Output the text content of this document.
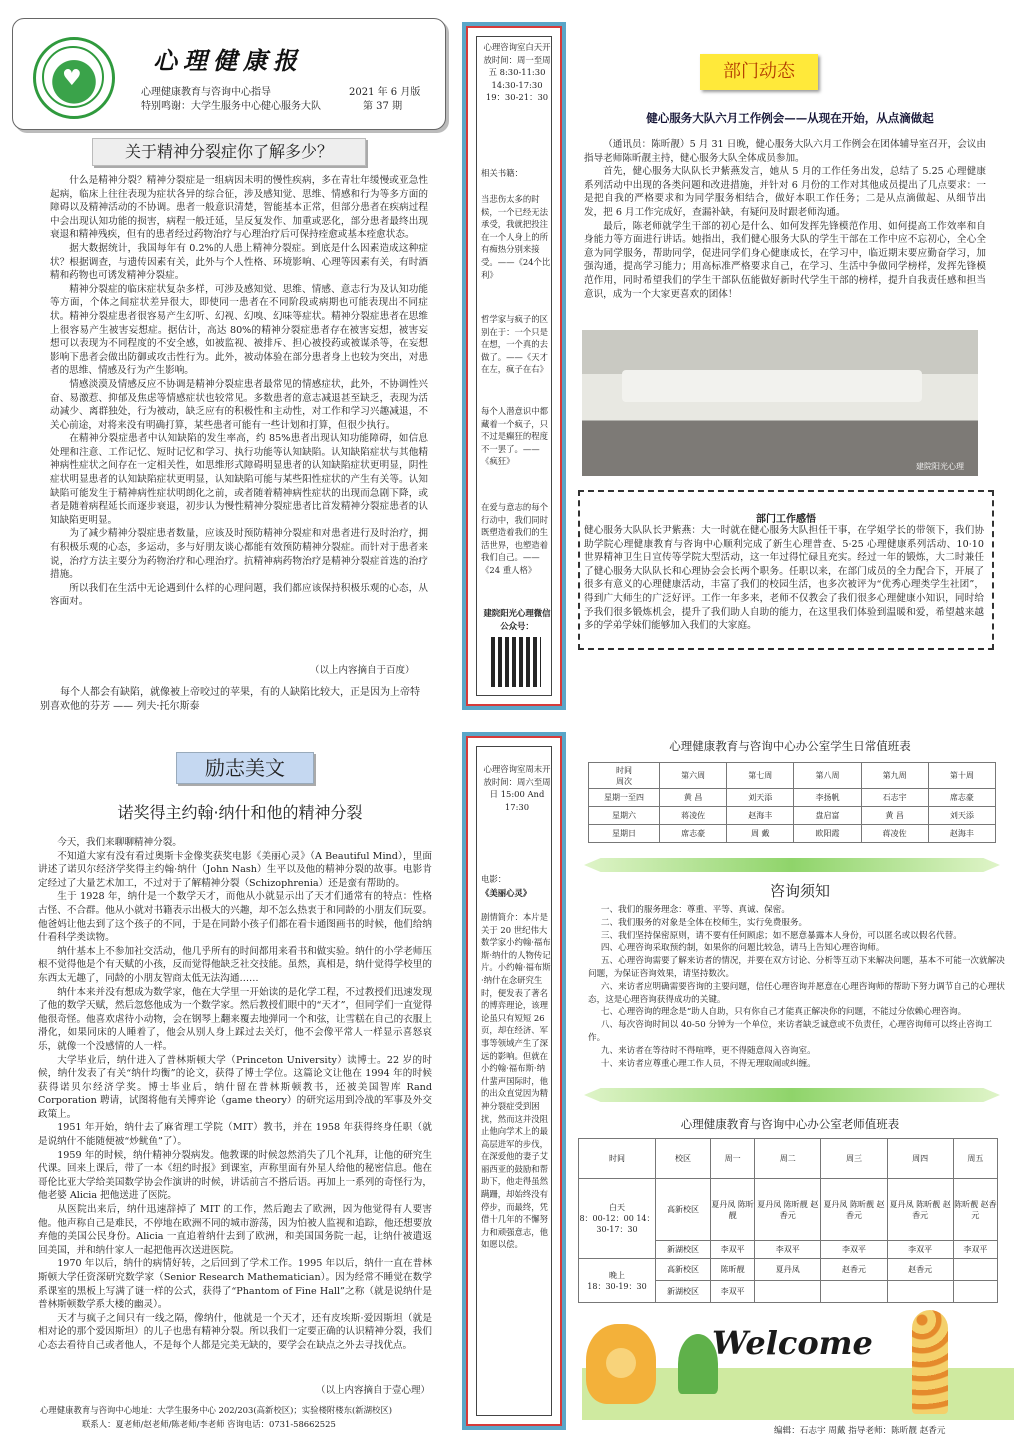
♥
心理健康报
心理健康教育与咨询中心指导	2021 年 6 月版
特别鸣谢：大学生服务中心健心服务大队	第 37 期
关于精神分裂症你了解多少？

什么是精神分裂？精神分裂症是一组病因未明的慢性疾病，多在青壮年缓慢或亚急性起病，临床上往往表现为症状各异的综合征，涉及感知觉、思维、情感和行为等多方面的障碍以及精神活动的不协调。患者一般意识清楚，智能基本正常，但部分患者在疾病过程中会出现认知功能的损害，病程一般迁延，呈反复发作、加重或恶化，部分患者最终出现衰退和精神残疾，但有的患者经过药物治疗与心理治疗后可保持痊愈或基本痊愈状态。

据大数据统计，我国每年有 0.2%的人患上精神分裂症。到底是什么因素造成这种症状？根据调查，与遗传因素有关，此外与个人性格、环境影响、心理等因素有关，有时酒精和药物也可诱发精神分裂症。

精神分裂症的临床症状复杂多样，可涉及感知觉、思维、情感、意志行为及认知功能等方面，个体之间症状差异很大，即使同一患者在不同阶段或病期也可能表现出不同症状。精神分裂症患者很容易产生幻听、幻视、幻嗅、幻味等症状。精神分裂症患者在思维上很容易产生被害妄想症。据估计，高达 80%的精神分裂症患者存在被害妄想，被害妄想可以表现为不同程度的不安全感，如被监视、被排斥、担心被投药或被谋杀等，在妄想影响下患者会做出防御或攻击性行为。此外，被动体验在部分患者身上也较为突出，对患者的思维、情感及行为产生影响。

情感淡漠及情感反应不协调是精神分裂症患者最常见的情感症状，此外，不协调性兴奋、易激惹、抑郁及焦虑等情感症状也较常见。多数患者的意志减退甚至缺乏，表现为活动减少、离群独处，行为被动，缺乏应有的积极性和主动性，对工作和学习兴趣减退，不关心前途，对将来没有明确打算，某些患者可能有一些计划和打算，但很少执行。

在精神分裂症患者中认知缺陷的发生率高，约 85%患者出现认知功能障碍，如信息处理和注意、工作记忆、短时记忆和学习、执行功能等认知缺陷。认知缺陷症状与其他精神病性症状之间存在一定相关性，如思维形式障碍明显患者的认知缺陷症状更明显，阴性症状明显患者的认知缺陷症状更明显，认知缺陷可能与某些阳性症状的产生有关等。认知缺陷可能发生于精神病性症状明朗化之前，或者随着精神病性症状的出现而急剧下降，或者是随着病程延长而逐步衰退，初步认为慢性精神分裂症患者比首发精神分裂症患者的认知缺陷更明显。

为了减少精神分裂症患者数量，应该及时预防精神分裂症和对患者进行及时治疗，拥有积极乐观的心态，多运动，多与好朋友谈心都能有效预防精神分裂症。而针对于患者来说，治疗方法主要分为药物治疗和心理治疗。抗精神病药物治疗是精神分裂症首选的治疗措施。

所以我们在生活中无论遇到什么样的心理问题，我们都应该保持积极乐观的心态，从容面对。

（以上内容摘自于百度）
每个人都会有缺陷，就像被上帝咬过的苹果，有的人缺陷比较大，正是因为上帝特别喜欢他的芬芳 —— 列夫·托尔斯泰
心理咨询室白天开放时间：周一至周五 8:30-11:30 14:30-17:30 19：30-21：30
相关书籍：
当悲伤太多的时候，一个已经无法承受，我就把投注在一个人身上的所有痴热分别来接受。——《24个比利》
哲学家与疯子的区别在于：一个只是在想，一个真的去做了。——《天才在左，疯子在右》
每个人潜意识中都藏着一个疯子，只不过是癫狂的程度不一罢了。——《疯狂》
在爱与意志的每个行动中，我们同时既塑造着我们的生活世界，也塑造着我们自己。——《24 重人格》
建院阳光心理微信公众号：
部门动态
健心服务大队六月工作例会——从现在开始，从点滴做起

（通讯员：陈昕靓）5 月 31 日晚，健心服务大队六月工作例会在团体辅导室召开，会议由指导老师陈昕靓主持，健心服务大队全体成员参加。

首先，健心服务大队队长尹紫燕发言，她从 5 月的工作任务出发，总结了 5.25 心理健康系列活动中出现的各类问题和改进措施，并针对 6 月份的工作对其他成员提出了几点要求：一是把自我的严格要求和为同学服务相结合，做好本职工作任务；二是从点滴做起、从细节出发，把 6 月工作完成好，查漏补缺，有疑问及时跟老师沟通。

最后，陈老师就学生干部的初心是什么、如何发挥先锋模范作用、如何提高工作效率和自身能力等方面进行讲话。她指出，我们健心服务大队的学生干部在工作中应不忘初心，全心全意为同学服务，帮助同学，促进同学们身心健康成长，在学习中，临近期末要应勤奋学习，加强沟通，提高学习能力；用高标准严格要求自己，在学习、生活中争做同学榜样，发挥先锋模范作用，同时希望我们的学生干部队伍能做好新时代学生干部的榜样，提升自我责任感和担当意识，成为一个大家更喜欢的团体！

建院阳光心理
部门工作感悟

健心服务大队队长尹紫燕：大一时就在健心服务大队担任干事，在学姐学长的带领下，我们协助学院心理健康教育与咨询中心顺利完成了新生心理普查、5·25 心理健康系列活动、10·10 世界精神卫生日宣传等学院大型活动，这一年过得忙碌且充实。经过一年的锻炼，大二时兼任了健心服务大队队长和心理协会会长两个职务。任职以来，在部门成员的全力配合下，开展了很多有意义的心理健康活动，丰富了我们的校园生活，也多次被评为“优秀心理类学生社团”，得到广大师生的广泛好评。工作一年多来，老师不仅教会了我们很多心理健康小知识，同时给予我们很多锻炼机会，提升了我们助人自助的能力，在这里我们体验到温暖和爱，希望越来越多的学弟学妹们能够加入我们的大家庭。

励志美文
诺奖得主约翰·纳什和他的精神分裂

今天，我们来聊聊精神分裂。

不知道大家有没有看过奥斯卡金像奖获奖电影《美丽心灵》（A Beautiful Mind），里面讲述了诺贝尔经济学奖得主约翰·纳什（John Nash）生平以及他的精神分裂的故事。电影肯定经过了大量艺术加工，不过对于了解精神分裂（Schizophrenia）还是蛮有帮助的。

生于 1928 年，纳什是一个数学天才，而他从小就显示出了天才们通常有的特点：性格古怪、不合群。他从小就对书籍表示出极大的兴趣，却不怎么热衷于和同龄的小朋友们玩耍。他爸妈让他去到了这个孩子的不同，于是在同龄小孩子们都在看卡通图画书的时候，他们给纳什看科学类读物。

纳什基本上不参加社交活动，他几乎所有的时间都用来看书和做实验。纳什的小学老师压根不觉得他是个有天赋的小孩，反而觉得他缺乏社交技能。虽然，真相是，纳什觉得学校里的东西太无趣了，同龄的小朋友智商太低无法沟通……

纳什本来并没有想成为数学家，他在大学里一开始读的是化学工程，不过教授们迅速发现了他的数学天赋，然后忽悠他成为一个数学家。然后教授们眼中的“天才”，但同学们一直觉得他很奇怪。他喜欢虐待小动物，会在钢琴上翻来覆去地弹同一个和弦，让雪糕在自己的衣服上滑化，如果同床的人睡着了，他会从别人身上踩过去关灯，他不会像平常人一样显示喜怒哀乐，就像一个没感情的人一样。

大学毕业后，纳什进入了普林斯顿大学（Princeton University）读博士。22 岁的时候，纳什发表了有关“纳什均衡”的论文，获得了博士学位。这篇论文让他在 1994 年的时候获得诺贝尔经济学奖。博士毕业后，纳什留在普林斯顿教书，还被美国智库 Rand Corporation 聘请，试图将他有关博弈论（game theory）的研究运用到冷战的军事及外交政策上。

1951 年开始，纳什去了麻省理工学院（MIT）教书，并在 1958 年获得终身任职（就是说纳什不能随便被“炒鱿鱼”了）。

1959 年的时候，纳什精神分裂病发。他教课的时候忽然消失了几个礼拜，让他的研究生代课。回来上课后，带了一本《纽约时报》到课室，声称里面有外星人给他的秘密信息。他在哥伦比亚大学给美国数学协会作演讲的时候，讲话前言不搭后语。再加上一系列的奇怪行为，他老婆 Alicia 把他送进了医院。

从医院出来后，纳什迅速辞掉了 MIT 的工作，然后跑去了欧洲，因为他觉得有人要害他。他声称自己是难民，不停地在欧洲不同的城市游荡，因为怕被人监视和追踪，他还想要放弃他的美国公民身份。Alicia 一直追着纳什去到了欧洲，和美国国务院一起，让纳什被遣返回美国，并和纳什家人一起把他再次送进医院。

1970 年以后，纳什的病情好转，之后回到了学术工作。1995 年以后，纳什一直在普林斯顿大学任资深研究数学家（Senior Research Mathematician）。因为经常不睡觉在数学系课室的黑板上写满了谜一样的公式，获得了“Phantom of Fine Hall”之称（就是说纳什是普林斯顿数学系大楼的幽灵）。

天才与疯子之间只有一线之隔，像纳什，他就是一个天才，还有皮埃斯·爱因斯坦（就是相对论的那个爱因斯坦）的儿子也患有精神分裂。所以我们一定要正确的认识精神分裂，我们心态去看待自己或者他人，不是每个人都是完美无缺的，要学会在缺点之外去寻找优点。

（以上内容摘自于壹心理）
心理健康教育与咨询中心地址：大学生服务中心 202/203(高新校区)；实验楼附楼东(新湖校区)
联系人：夏老师/赵老师/陈老师/李老师 咨询电话：0731-58662525
心理咨询室周末开放时间：周六至周日 15:00 And 17:30
电影：
《美丽心灵》
剧情简介：本片是关于 20 世纪伟大数学家小约翰·福布斯·纳什的人物传记片。小约翰·福布斯·纳什在念研究生时，便发表了著名的博弈理论，该理论虽只有短短 26 页，却在经济、军事等领域产生了深远的影响。但就在小约翰·福布斯·纳什蜚声国际时，他的出众直觉因为精神分裂症受到困扰，然而这并没阻止他向学术上的最高层进军的步伐，在深爱他的妻子艾丽西亚的鼓励和帮助下，他走得虽然蹒跚，却始终没有停步，而最终，凭借十几年的不懈努力和顽强意志，他如愿以偿。
心理健康教育与咨询中心办公室学生日常值班表
时间
周次	第六周	第七周	第八周	第九周	第十周
星期一至四	黄 昌	刘天添	李扬帆	石志宇	席志豪
星期六	蒋凌佐	赵海丰	盘启富	黄 昌	刘天添
星期日	席志豪	周 戴	欧阳霞	蒋凌佐	赵海丰
咨询须知
一、我们的服务理念：尊重、平等、真诚、保密。
二、我们服务的对象是全体在校师生，实行免费服务。
三、我们坚持保密原则，请不要有任何顾虑；如不愿意暴露本人身份，可以匿名或以假名代替。
四、心理咨询采取预约制，如果你的问题比较急，请马上告知心理咨询师。
五、心理咨询需要了解来访者的情况，并要在双方讨论、分析等互动下来解决问题，基本不可能一次就解决问题，为保证咨询效果，请坚持数次。
六、来访者应明确需要咨询的主要问题，信任心理咨询并愿意在心理咨询师的帮助下努力调节自己的心理状态，这是心理咨询获得成功的关键。
七、心理咨询的理念是“助人自助，只有你自己才能真正解决你的问题，不能过分依赖心理咨询。
八、每次咨询时间以 40-50 分钟为一个单位，来访者缺乏诚意或不负责任，心理咨询师可以终止咨询工作。
九、来访者在等待时不得喧哗，更不得随意闯入咨询室。
十、来访者应尊重心理工作人员，不得无理取闹或纠缠。
心理健康教育与咨询中心办公室老师值班表
时间	校区	周一	周二	周三	周四	周五
白天
8：00-12：00 14：30-17：30	高新校区	夏丹凤 陈昕靓	夏丹凤 陈昕靓 赵香元	夏丹凤 陈昕靓 赵香元	夏丹凤 陈昕靓 赵香元	陈昕靓 赵香元
	新湖校区	李双平	李双平	李双平	李双平	李双平
晚上
18：30-19：30	高新校区	陈昕靓	夏丹凤	赵香元	赵香元	
	新湖校区	李双平				
Welcome
编辑：石志宇 周戴 指导老师：陈昕靓 赵香元
